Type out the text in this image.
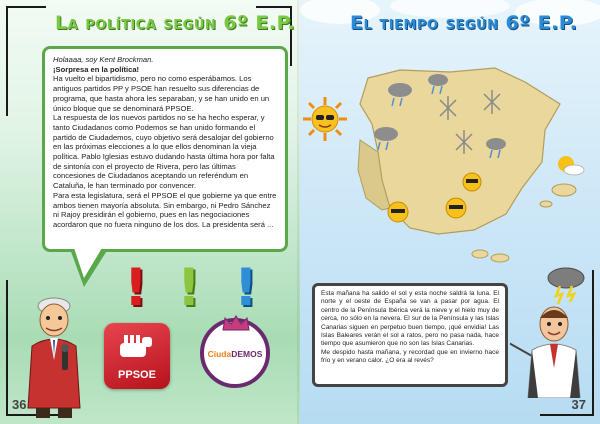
La política según 6º E.P.

Holaaaa, soy Kent Brockman.

¡Sorpresa en la política!

Ha vuelto el bipartidismo, pero no como esperábamos. Los antiguos partidos PP y PSOE han resuelto sus diferencias de programa, que hasta ahora les separaban, y se han unido en un único bloque que se denominará PPSOE.

La respuesta de los nuevos partidos no se ha hecho esperar, y tanto Ciudadanos como Podemos se han unido formando el partido de Ciudademos, cuyo objetivo será desalojar del gobierno en las próximas elecciones a lo que ellos denominan la vieja política. Pablo Iglesias estuvo dudando hasta última hora por falta de sintonía con el proyecto de Rivera, pero las últimas concesiones de Ciudadanos aceptando un referéndum en Cataluña, le han terminado por convencer.

Para esta legislatura, será el PPSOE el que gobierne ya que entre ambos tienen mayoría absoluta. Sin embargo, ni Pedro Sánchez ni Rajoy presidirán el gobierno, pues en las negociaciones acordaron que no fuera ninguno de los dos. La presidenta será ...

! ! !
PPSOE
CiudaDEMOS
36
El tiempo según 6º E.P.

Esta mañana ha salido el sol y esta noche saldrá la luna. El norte y el oeste de España se van a pasar por agua. El centro de la Península Ibérica verá la nieve y el hielo muy de cerca, no sólo en la nevera. El sur de la Península y las Islas Canarias siguen en perpetuo buen tiempo, ¡qué envidia! Las Islas Baleares verán el sol a ratos, pero no pasa nada, hace tiempo que asumieron que no son las Islas Canarias.

Me despido hasta mañana, y recordad que en invierno hace frío y en verano calor. ¿O era al revés?

37
